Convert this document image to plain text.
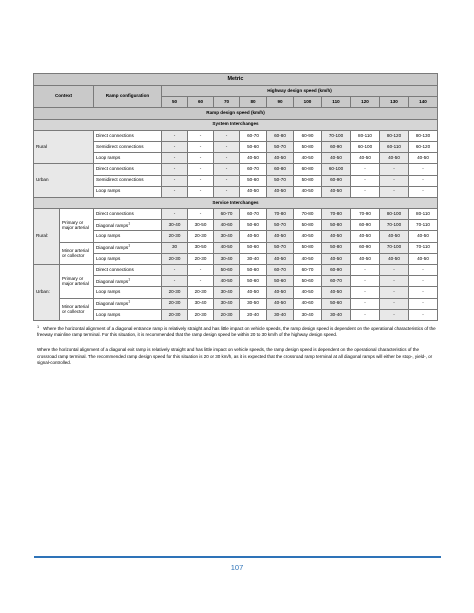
Metric												
Context		Ramp configuration	Highway design speed (km/h)									
			50	60	70	80	90	100	110	120	130	140
Ramp design speed (km/h)												
System Interchanges												
Rural		Direct connections	-	-	-	60-70	60-80	60-90	70-100	80-110	80-120	80-130
		Semidirect connections	-	-	-	50-60	50-70	50-80	60-90	60-100	60-110	60-120
		Loop ramps	-	-	-	40-50	40-50	40-50	40-50	40-50	40-50	40-50
Urban		Direct connections	-	-	-	60-70	60-80	60-80	60-100	-	-	-
		Semidirect connections	-	-	-	50-60	50-70	50-80	60-90	-	-	-
		Loop ramps	-	-	-	40-50	40-50	40-50	40-50	-	-	-
Service Interchanges												
Rural:	Primary or major arterial	Direct connections	-	-	60-70	60-70	70-80	70-80	70-80	70-90	80-100	80-110
		Diagonal ramps$^1$	30-40	30-50	40-60	50-60	50-70	50-80	50-80	60-90	70-100	70-110
		Loop ramps	20-30	20-30	30-40	40-50	40-50	40-50	40-50	40-50	40-50	40-50
	Minor arterial or collector	Diagonal ramps$^1$	30	30-50	40-50	50-60	50-70	50-80	50-80	60-90	70-100	70-110
		Loop ramps	20-30	20-30	30-40	30-40	40-50	40-50	40-50	40-50	40-50	40-50
Urban:	Primary or major arterial	Direct connections	-	-	50-60	50-60	60-70	60-70	60-90	-	-	-
		Diagonal ramps$^1$	-	-	40-50	50-60	50-60	50-60	60-70	-	-	-
		Loop ramps	20-30	20-30	30-40	40-50	40-50	40-50	40-50	-	-	-
	Minor arterial or collector	Diagonal ramps$^1$	20-30	30-40	30-40	30-50	40-50	40-60	50-60	-	-	-
		Loop ramps	20-30	20-30	20-30	20-40	30-40	30-40	30-40	-	-	-

$^1$ Where the horizontal alignment of a diagonal entrance ramp is relatively straight and has little impact on vehicle speeds, the ramp design speed is dependent on the operational characteristics of the freeway mainline ramp terminal. For this situation, it is recommended that the ramp design speed be within 20 to 30 km/h of the highway design speed.

Where the horizontal alignment of a diagonal exit ramp is relatively straight and has little impact on vehicle speeds, the ramp design speed is dependent on the operational characteristics of the crossroad ramp terminal. The recommended ramp design speed for this situation is 20 or 30 km/h, as it is expected that the crossroad ramp terminal at all diagonal ramps will either be stop-, yield-, or signal-controlled.

107
